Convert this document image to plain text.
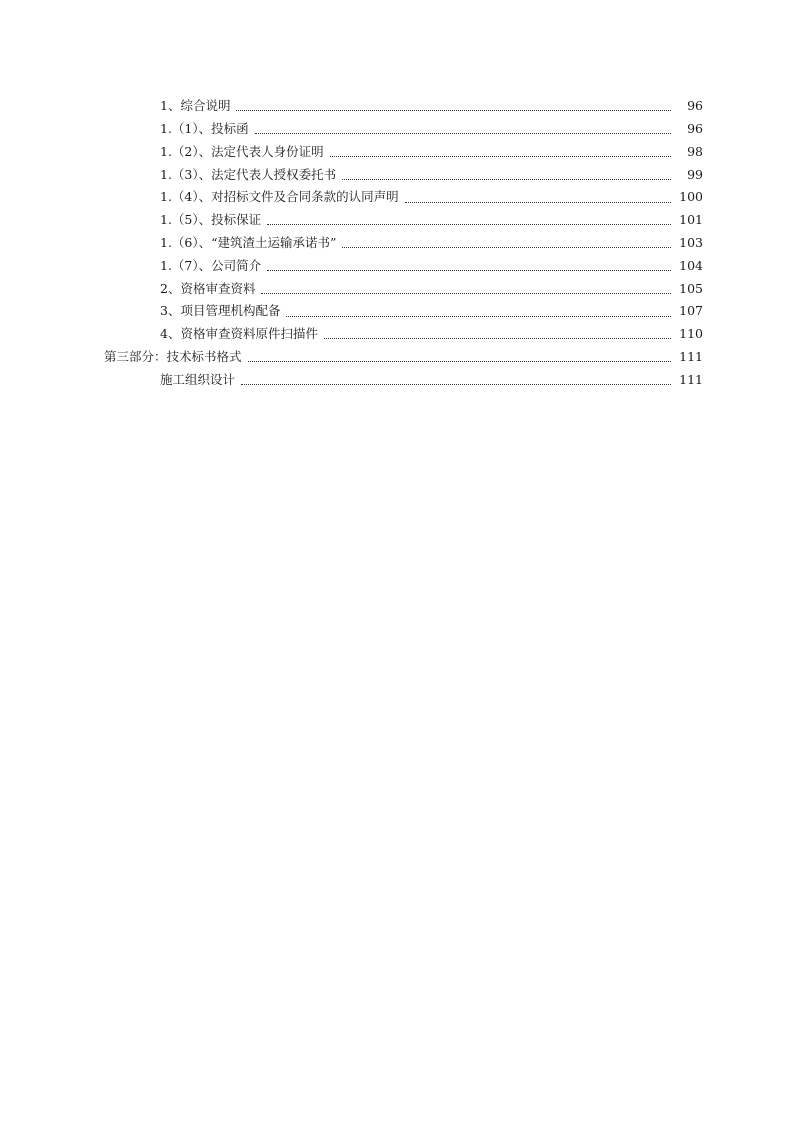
1、综合说明	96
1.（1）、投标函	96
1.（2）、法定代表人身份证明	98
1.（3）、法定代表人授权委托书	99
1.（4）、对招标文件及合同条款的认同声明	100
1.（5）、投标保证	101
1.（6）、“建筑渣土运输承诺书”	103
1.（7）、公司简介	104
2、资格审查资料	105
3、项目管理机构配备	107
4、资格审查资料原件扫描件	110
第三部分：技术标书格式	111
施工组织设计	111
